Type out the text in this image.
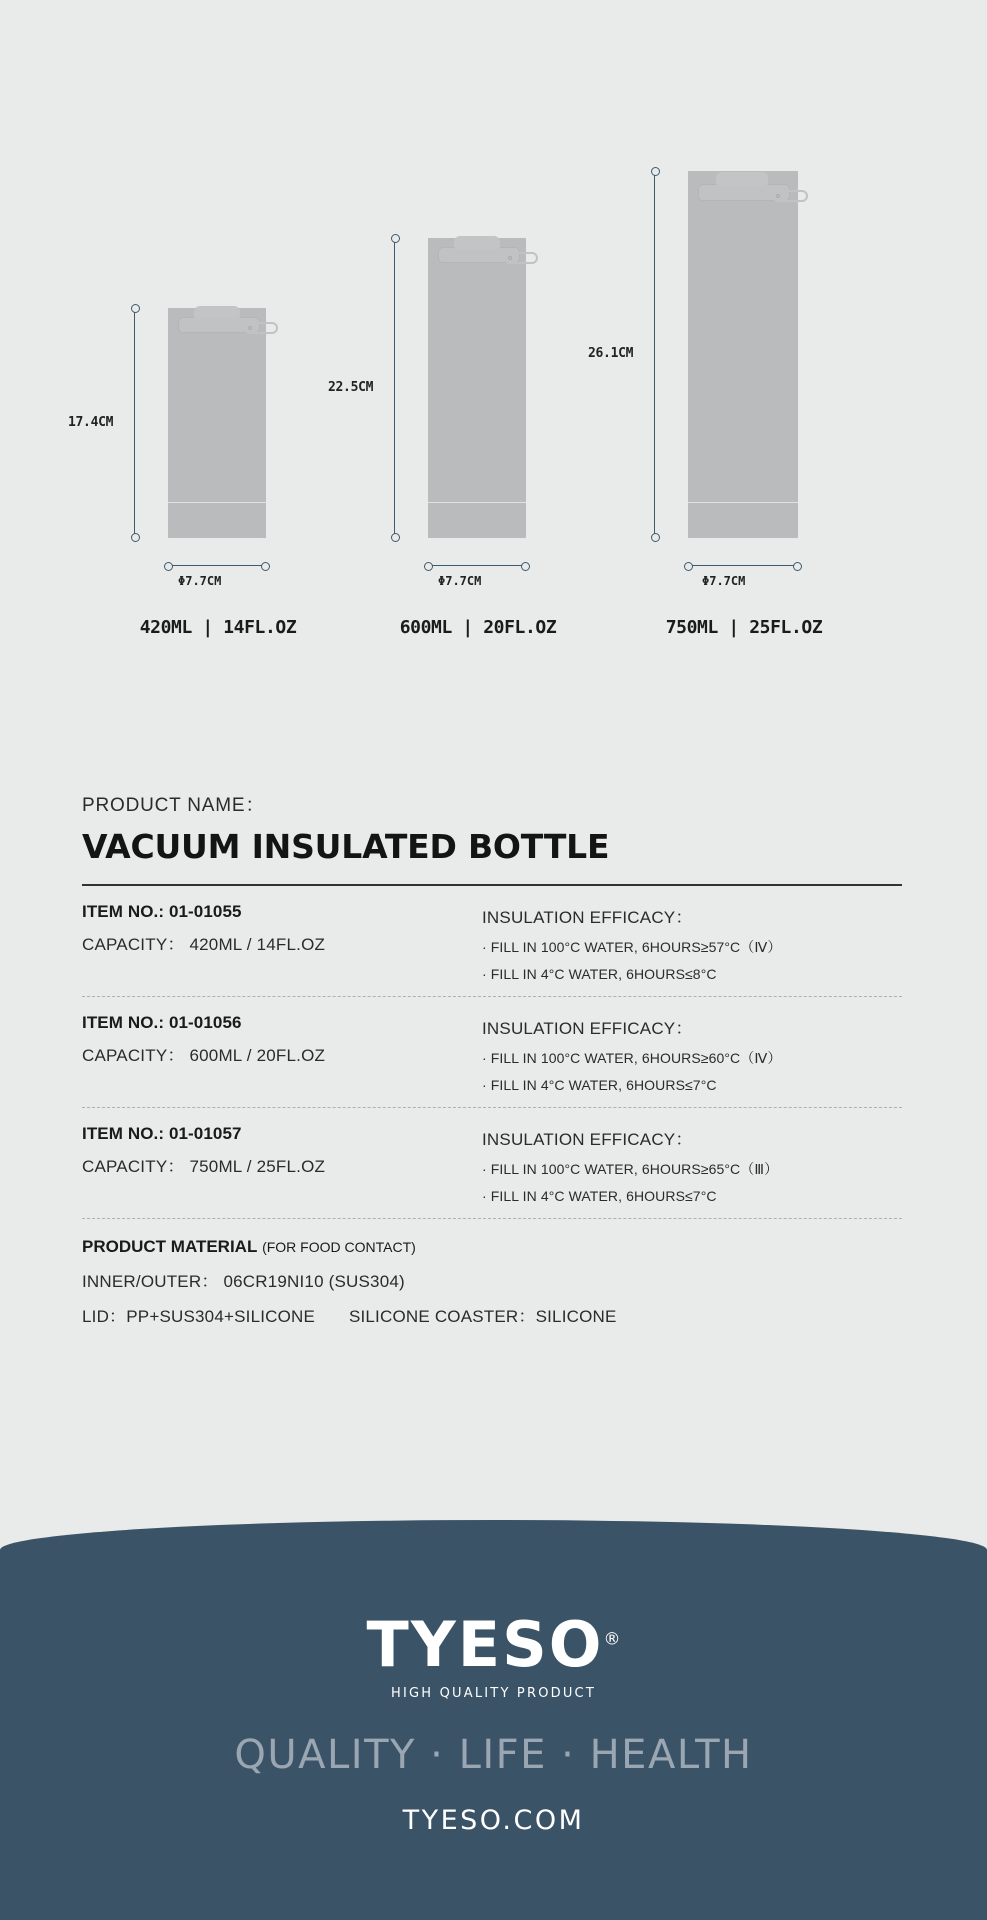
17.4CM
Φ7.7CM
420ML | 14FL.OZ
22.5CM
Φ7.7CM
600ML | 20FL.OZ
26.1CM
Φ7.7CM
750ML | 25FL.OZ
PRODUCT NAME：
VACUUM INSULATED BOTTLE
ITEM NO.: 01-01055
CAPACITY： 420ML / 14FL.OZ
INSULATION EFFICACY：
· FILL IN 100°C WATER, 6HOURS≥57°C（Ⅳ）
· FILL IN 4°C WATER, 6HOURS≤8°C
ITEM NO.: 01-01056
CAPACITY： 600ML / 20FL.OZ
INSULATION EFFICACY：
· FILL IN 100°C WATER, 6HOURS≥60°C（Ⅳ）
· FILL IN 4°C WATER, 6HOURS≤7°C
ITEM NO.: 01-01057
CAPACITY： 750ML / 25FL.OZ
INSULATION EFFICACY：
· FILL IN 100°C WATER, 6HOURS≥65°C（Ⅲ）
· FILL IN 4°C WATER, 6HOURS≤7°C
PRODUCT MATERIAL (FOR FOOD CONTACT)
INNER/OUTER： 06CR19NI10 (SUS304)
LID：PP+SUS304+SILICONE SILICONE COASTER：SILICONE
TYESO®
HIGH QUALITY PRODUCT
QUALITY · LIFE · HEALTH
TYESO.COM
